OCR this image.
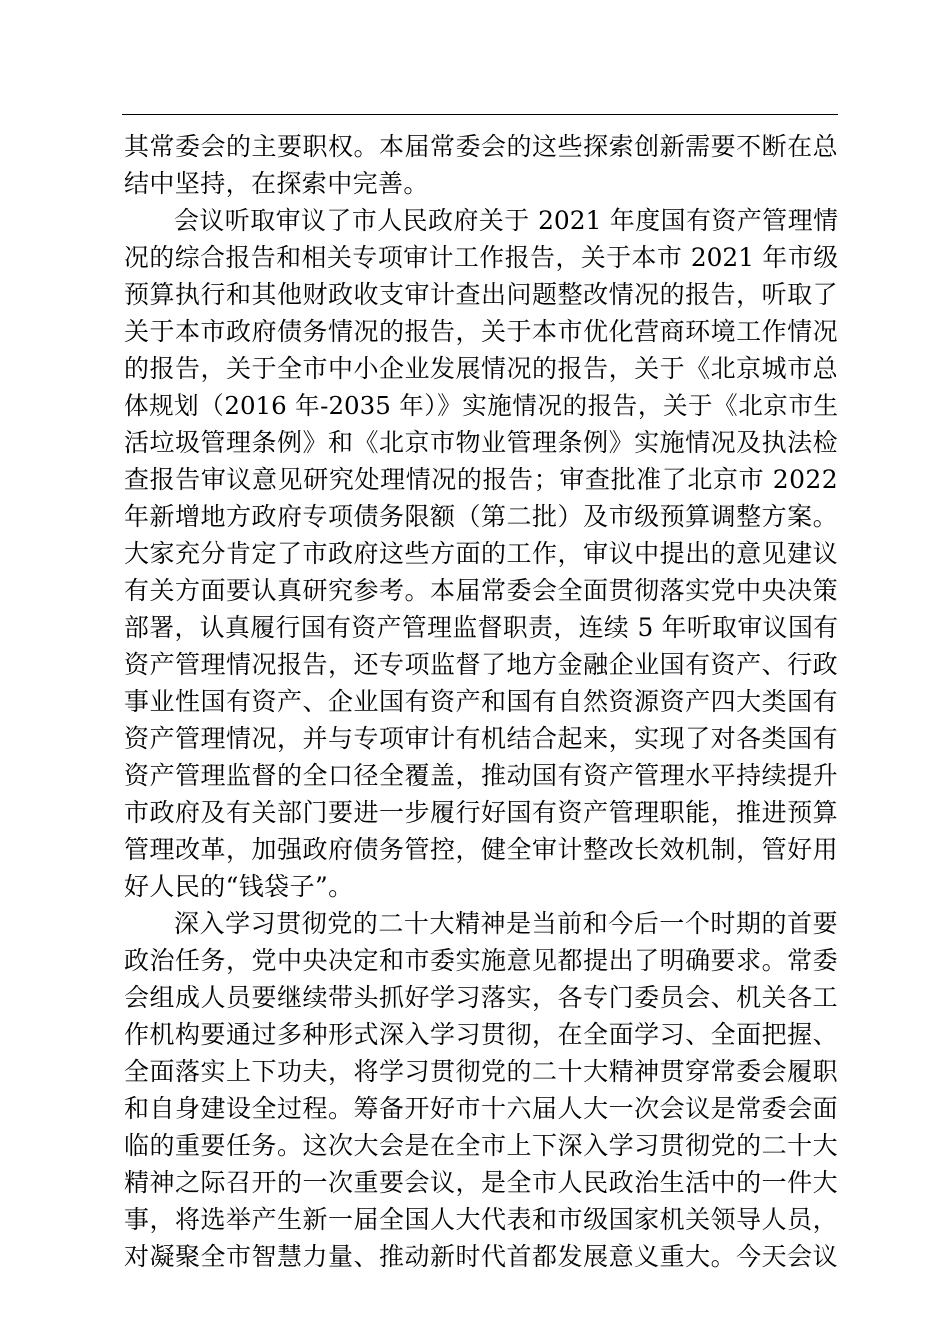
其常委会的主要职权。本届常委会的这些探索创新需要不断在总
结中坚持，在探索中完善。
会议听取审议了市人民政府关于 2021 年度国有资产管理情
况的综合报告和相关专项审计工作报告，关于本市 2021 年市级
预算执行和其他财政收支审计查出问题整改情况的报告，听取了
关于本市政府债务情况的报告，关于本市优化营商环境工作情况
的报告，关于全市中小企业发展情况的报告，关于《北京城市总
体规划（2016 年-2035 年）》实施情况的报告，关于《北京市生
活垃圾管理条例》和《北京市物业管理条例》实施情况及执法检
查报告审议意见研究处理情况的报告；审查批准了北京市 2022
年新增地方政府专项债务限额（第二批）及市级预算调整方案。
大家充分肯定了市政府这些方面的工作，审议中提出的意见建议
有关方面要认真研究参考。本届常委会全面贯彻落实党中央决策
部署，认真履行国有资产管理监督职责，连续 5 年听取审议国有
资产管理情况报告，还专项监督了地方金融企业国有资产、行政
事业性国有资产、企业国有资产和国有自然资源资产四大类国有
资产管理情况，并与专项审计有机结合起来，实现了对各类国有
资产管理监督的全口径全覆盖，推动国有资产管理水平持续提升
市政府及有关部门要进一步履行好国有资产管理职能，推进预算
管理改革，加强政府债务管控，健全审计整改长效机制，管好用
好人民的“钱袋子”。
深入学习贯彻党的二十大精神是当前和今后一个时期的首要
政治任务，党中央决定和市委实施意见都提出了明确要求。常委
会组成人员要继续带头抓好学习落实，各专门委员会、机关各工
作机构要通过多种形式深入学习贯彻，在全面学习、全面把握、
全面落实上下功夫，将学习贯彻党的二十大精神贯穿常委会履职
和自身建设全过程。筹备开好市十六届人大一次会议是常委会面
临的重要任务。这次大会是在全市上下深入学习贯彻党的二十大
精神之际召开的一次重要会议，是全市人民政治生活中的一件大
事，将选举产生新一届全国人大代表和市级国家机关领导人员，
对凝聚全市智慧力量、推动新时代首都发展意义重大。今天会议
